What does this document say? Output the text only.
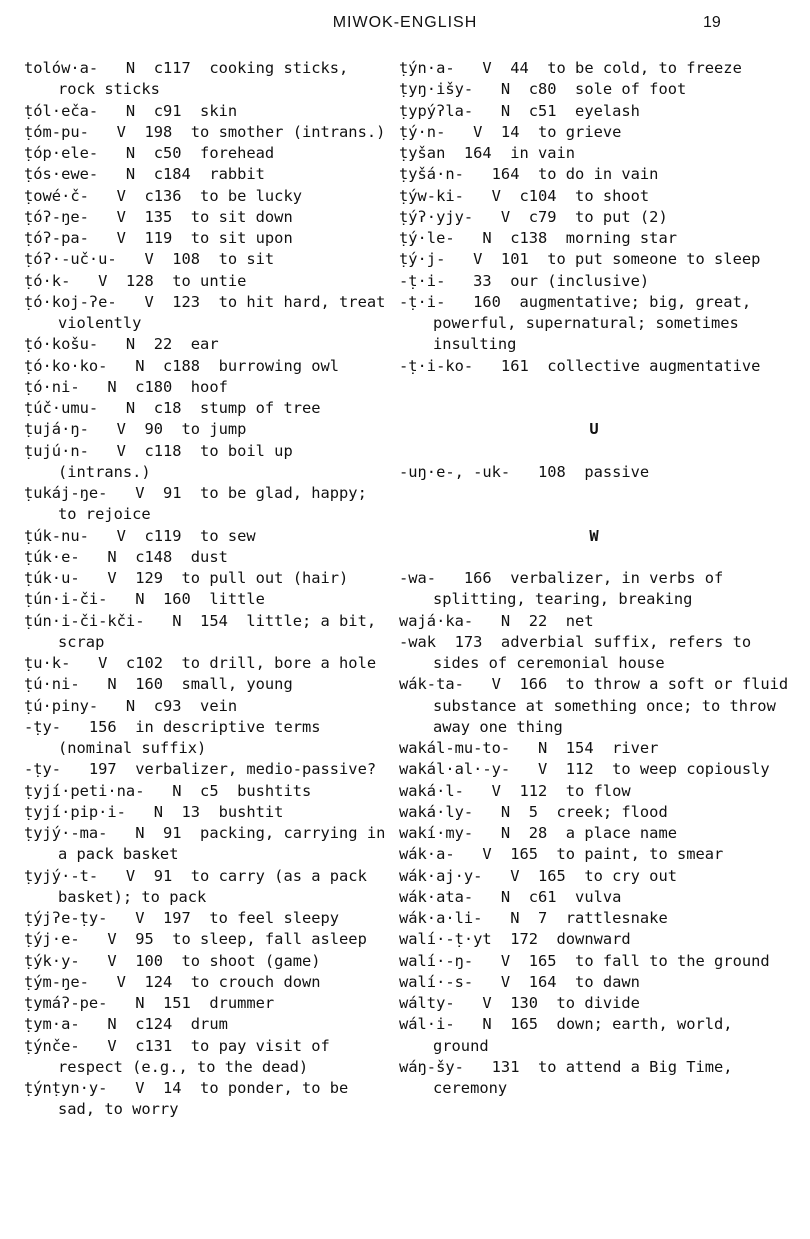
MIWOK-ENGLISH	19
tolów·a-   N  c117  cooking sticks, rock sticks
ṭól·eča-   N  c91  skin
ṭóm-pu-   V  198  to smother (intrans.)
ṭóp·ele-   N  c50  forehead
ṭós·ewe-   N  c184  rabbit
ṭowé·č-   V  c136  to be lucky
ṭóʔ-ŋe-   V  135  to sit down
ṭóʔ-pa-   V  119  to sit upon
ṭóʔ·-uč·u-   V  108  to sit
ṭó·k-   V  128  to untie
ṭó·koj-ʔe-   V  123  to hit hard, treat violently
ṭó·košu-   N  22  ear
ṭó·ko·ko-   N  c188  burrowing owl
ṭó·ni-   N  c180  hoof
ṭúč·umu-   N  c18  stump of tree
ṭujá·ŋ-   V  90  to jump
ṭujú·n-   V  c118  to boil up (intrans.)
ṭukáj-ŋe-   V  91  to be glad, happy; to rejoice
ṭúk-nu-   V  c119  to sew
ṭúk·e-   N  c148  dust
ṭúk·u-   V  129  to pull out (hair)
ṭún·i-či-   N  160  little
ṭún·i-či-kči-   N  154  little; a bit, scrap
ṭu·k-   V  c102  to drill, bore a hole
ṭú·ni-   N  160  small, young
ṭú·piny-   N  c93  vein
-ṭy-   156  in descriptive terms (nominal suffix)
-ṭy-   197  verbalizer, medio-passive?
ṭyjí·peti·na-   N  c5  bushtits
ṭyjí·pip·i-   N  13  bushtit
ṭyjý·-ma-   N  91  packing, carrying in a pack basket
ṭyjý·-t-   V  91  to carry (as a pack basket); to pack
ṭýjʔe-ṭy-   V  197  to feel sleepy
ṭýj·e-   V  95  to sleep, fall asleep
ṭýk·y-   V  100  to shoot (game)
ṭým-ŋe-   V  124  to crouch down
ṭymáʔ-pe-   N  151  drummer
ṭym·a-   N  c124  drum
ṭýnče-   V  c131  to pay visit of respect (e.g., to the dead)
ṭýnṭyn·y-   V  14  to ponder, to be sad, to worry
ṭýn·a-   V  44  to be cold, to freeze
ṭyŋ·išy-   N  c80  sole of foot
ṭypýʔla-   N  c51  eyelash
ṭý·n-   V  14  to grieve
ṭyšan  164  in vain
ṭyšá·n-   164  to do in vain
ṭýw-ki-   V  c104  to shoot
ṭýʔ·yjy-   V  c79  to put (2)
ṭý·le-   N  c138  morning star
ṭý·j-   V  101  to put someone to sleep
-ṭ·i-   33  our (inclusive)
-ṭ·i-   160  augmentative; big, great, powerful, supernatural; sometimes insulting
-ṭ·i-ko-   161  collective augmentative
U
-uŋ·e-, -uk-   108  passive
W
-wa-   166  verbalizer, in verbs of splitting, tearing, breaking
wajá·ka-   N  22  net
-wak  173  adverbial suffix, refers to sides of ceremonial house
wák-ta-   V  166  to throw a soft or fluid substance at something once; to throw away one thing
wakál-mu-to-   N  154  river
wakál·al·-y-   V  112  to weep copiously
waká·l-   V  112  to flow
waká·ly-   N  5  creek; flood
wakí·my-   N  28  a place name
wák·a-   V  165  to paint, to smear
wák·aj·y-   V  165  to cry out
wák·ata-   N  c61  vulva
wák·a·li-   N  7  rattlesnake
walí·-ṭ·yt  172  downward
walí·-ŋ-   V  165  to fall to the ground
walí·-s-   V  164  to dawn
wálty-   V  130  to divide
wál·i-   N  165  down; earth, world, ground
wáŋ-šy-   131  to attend a Big Time, ceremony
